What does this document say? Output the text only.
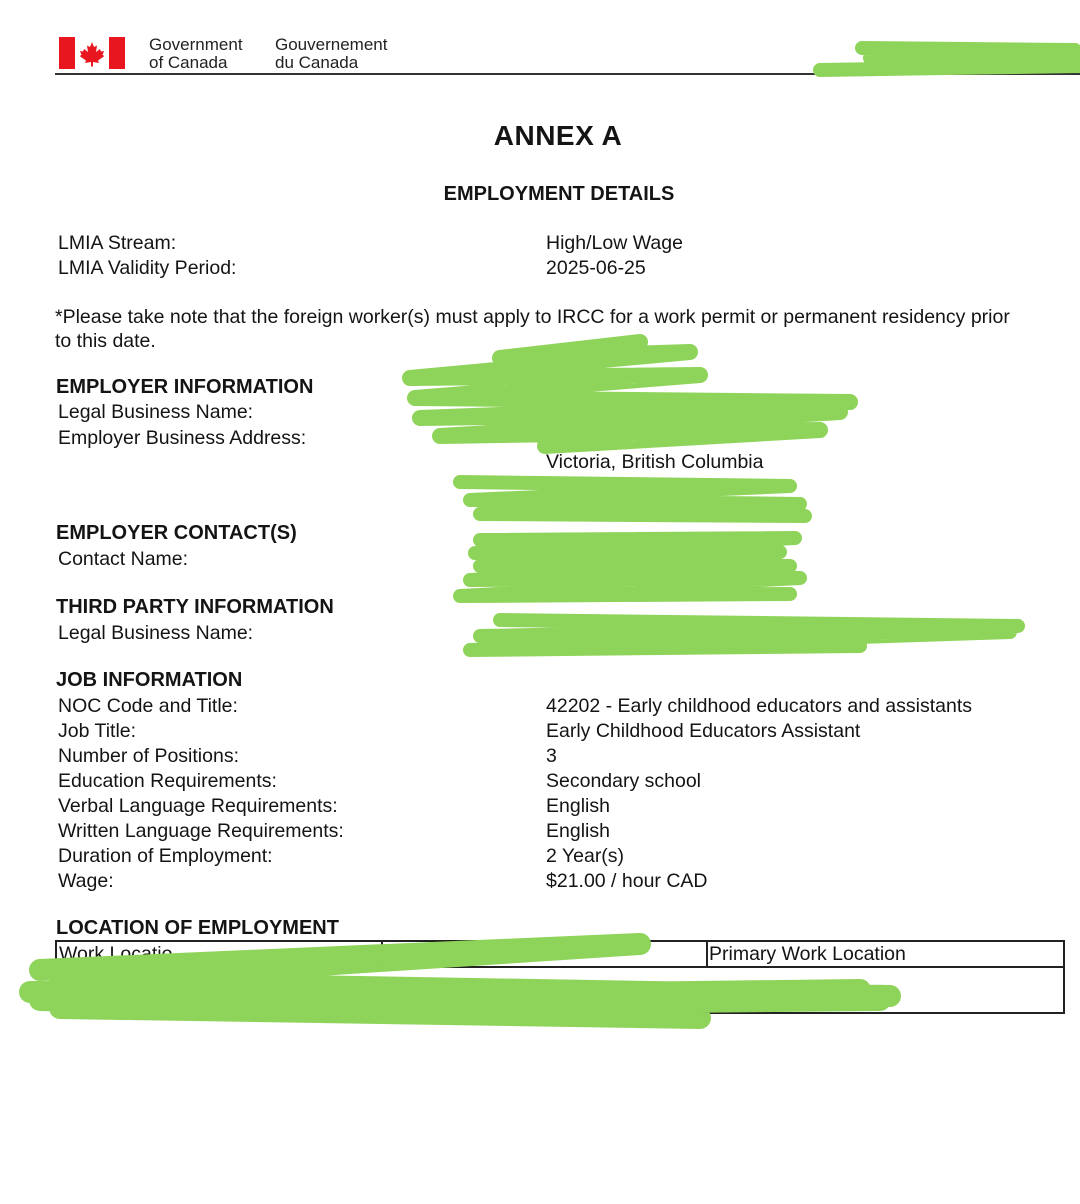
Government
of Canada
Gouvernement
du Canada
ANNEX A
EMPLOYMENT DETAILS
LMIA Stream:	High/Low Wage
LMIA Validity Period:	2025-06-25
*Please take note that the foreign worker(s) must apply to IRCC for a work permit or permanent residency prior
to this date.
EMPLOYER INFORMATION
Legal Business Name:
Employer Business Address:
Victoria, British Columbia
EMPLOYER CONTACT(S)
Contact Name:
THIRD PARTY INFORMATION
Legal Business Name:
JOB INFORMATION
NOC Code and Title:	42202 - Early childhood educators and assistants
Job Title:	Early Childhood Educators Assistant
Number of Positions:	3
Education Requirements:	Secondary school
Verbal Language Requirements:	English
Written Language Requirements:	English
Duration of Employment:	2 Year(s)
Wage:	$21.00 / hour CAD
LOCATION OF EMPLOYMENT
Work Locatio	Empl	Primary Work Location
